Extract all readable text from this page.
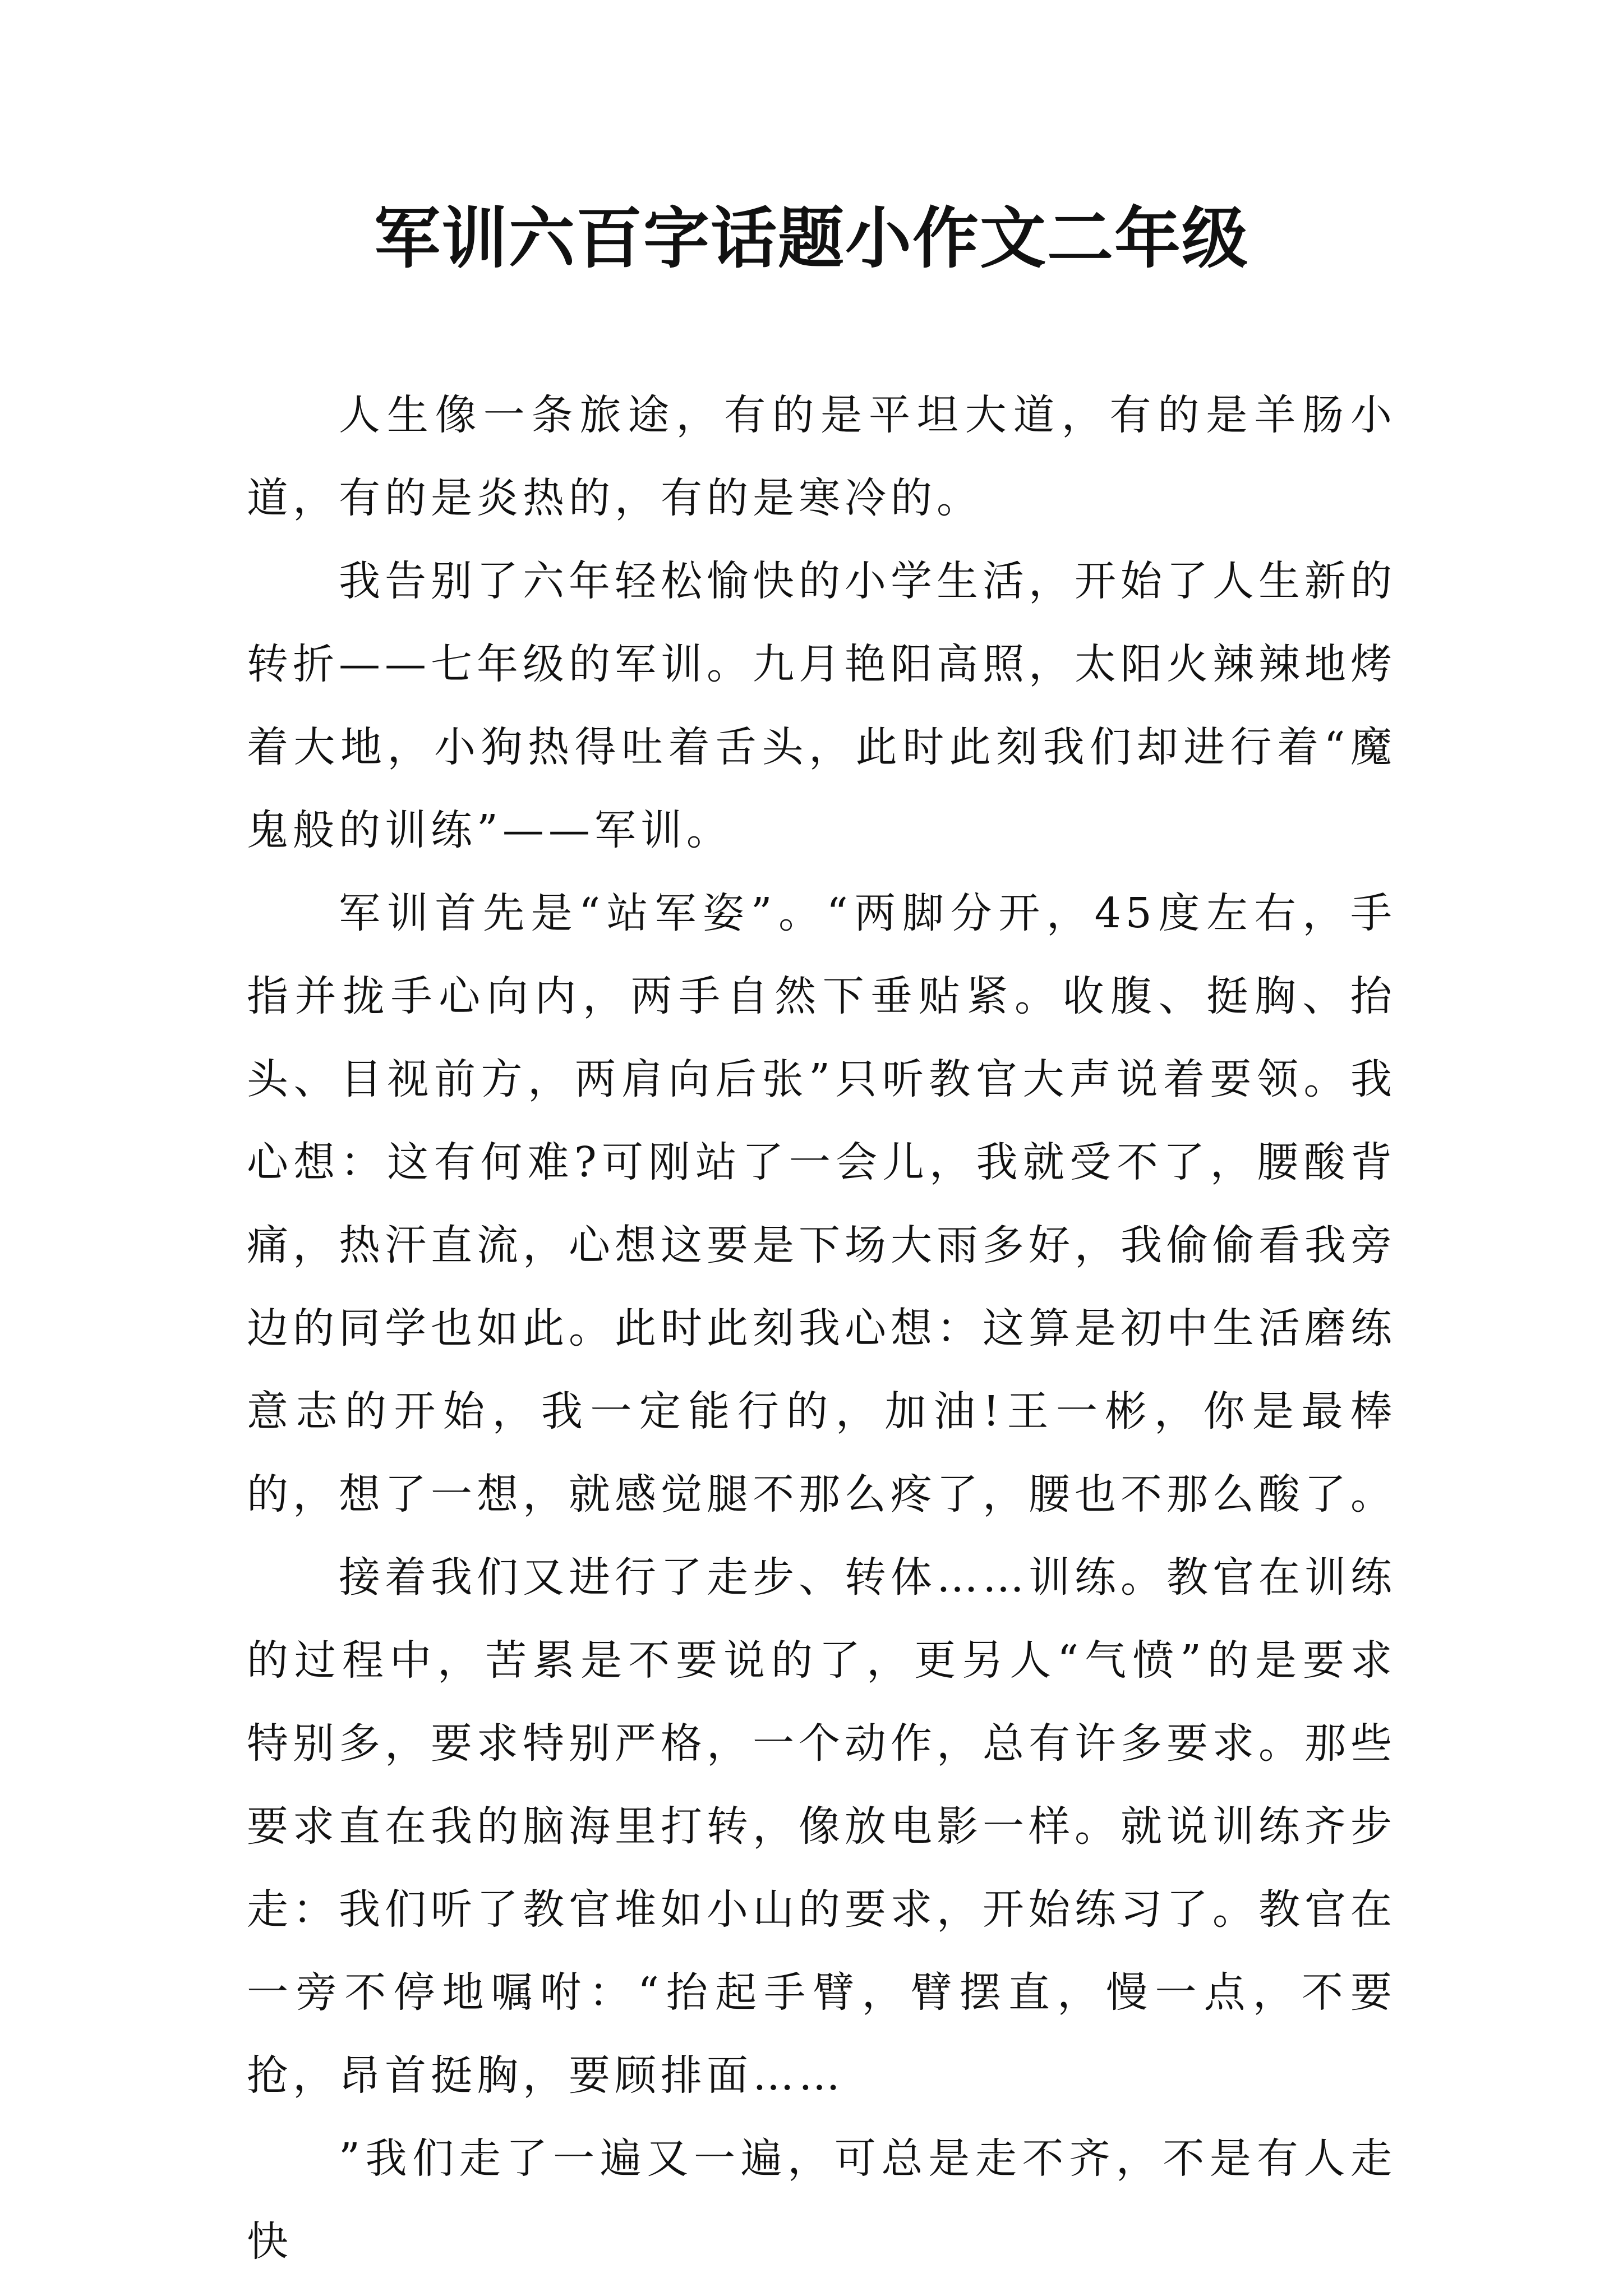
军训六百字话题小作文二年级

人生像一条旅途，有的是平坦大道，有的是羊肠小道，有的是炎热的，有的是寒冷的。

我告别了六年轻松愉快的小学生活，开始了人生新的转折——七年级的军训。九月艳阳高照，太阳火辣辣地烤着大地，小狗热得吐着舌头，此时此刻我们却进行着“魔鬼般的训练”——军训。

军训首先是“站军姿”。“两脚分开，45度左右，手指并拢手心向内，两手自然下垂贴紧。收腹、挺胸、抬头、目视前方，两肩向后张”只听教官大声说着要领。我心想：这有何难?可刚站了一会儿，我就受不了，腰酸背痛，热汗直流，心想这要是下场大雨多好，我偷偷看我旁边的同学也如此。此时此刻我心想：这算是初中生活磨练意志的开始，我一定能行的，加油!王一彬，你是最棒的，想了一想，就感觉腿不那么疼了，腰也不那么酸了。

接着我们又进行了走步、转体……训练。教官在训练的过程中，苦累是不要说的了，更另人“气愤”的是要求特别多，要求特别严格，一个动作，总有许多要求。那些要求直在我的脑海里打转，像放电影一样。就说训练齐步走：我们听了教官堆如小山的要求，开始练习了。教官在一旁不停地嘱咐：“抬起手臂，臂摆直，慢一点，不要抢，昂首挺胸，要顾排面……

”我们走了一遍又一遍，可总是走不齐，不是有人走快
